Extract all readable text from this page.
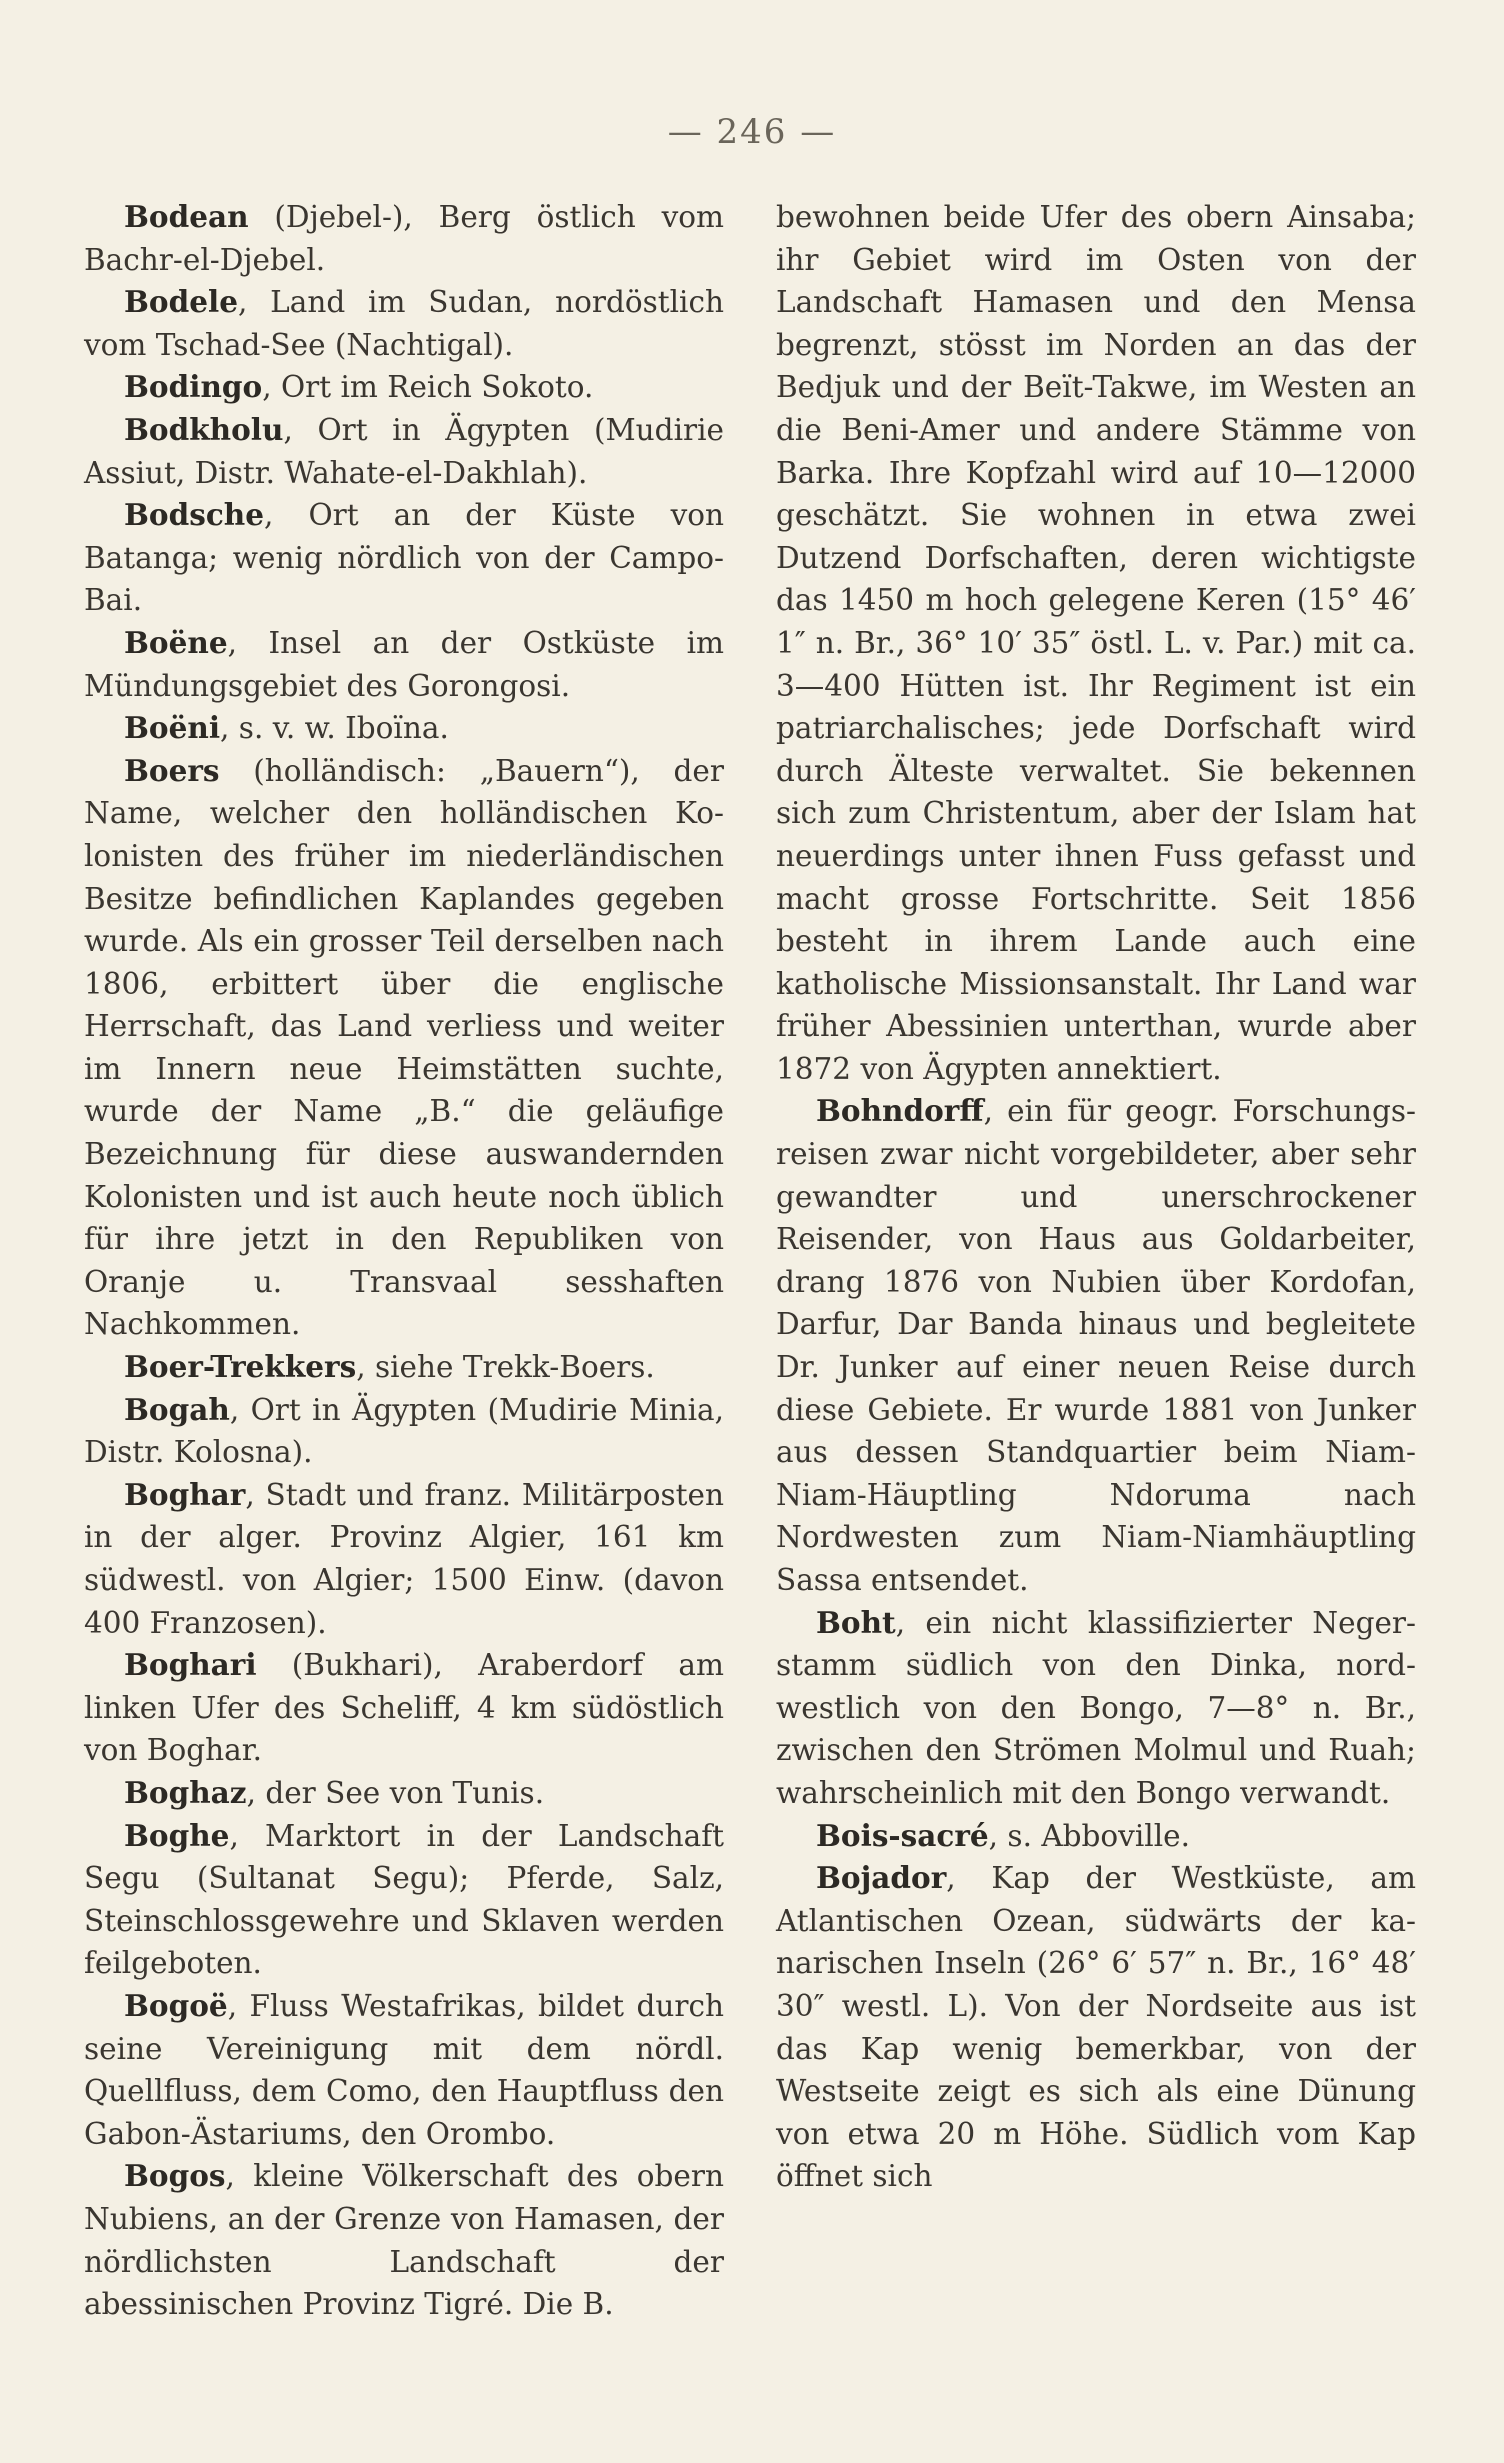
— 246 —

Bodean (Djebel-), Berg östlich vom Bachr-el-Djebel.

Bodele, Land im Sudan, nordöstlich vom Tschad-See (Nachtigal).

Bodingo, Ort im Reich Sokoto.

Bodkholu, Ort in Ägypten (Mudirie Assiut, Distr. Wahate-el-Dakhlah).

Bodsche, Ort an der Küste von Batanga; wenig nördlich von der Campo-Bai.

Boëne, Insel an der Ostküste im Mündungsgebiet des Gorongosi.

Boëni, s. v. w. Iboïna.

Boers (holländisch: „Bauern“), der Name, welcher den holländischen Kolonisten des früher im niederländischen Besitze befindlichen Kaplandes gegeben wurde. Als ein grosser Teil derselben nach 1806, erbittert über die englische Herrschaft, das Land verliess und weiter im Innern neue Heimstätten suchte, wurde der Name „B.“ die geläufige Bezeichnung für diese auswandernden Kolonisten und ist auch heute noch üblich für ihre jetzt in den Republiken von Oranje u. Transvaal sesshaften Nachkommen.

Boer-Trekkers, siehe Trekk-Boers.

Bogah, Ort in Ägypten (Mudirie Minia, Distr. Kolosna).

Boghar, Stadt und franz. Militärposten in der alger. Provinz Algier, 161 km südwestl. von Algier; 1500 Einw. (davon 400 Franzosen).

Boghari (Bukhari), Araberdorf am linken Ufer des Scheliff, 4 km südöstlich von Boghar.

Boghaz, der See von Tunis.

Boghe, Marktort in der Landschaft Segu (Sultanat Segu); Pferde, Salz, Steinschlossgewehre und Sklaven werden feilgeboten.

Bogoë, Fluss Westafrikas, bildet durch seine Vereinigung mit dem nördl. Quellfluss, dem Como, den Hauptfluss den Gabon-Ästariums, den Orombo.

Bogos, kleine Völkerschaft des obern Nubiens, an der Grenze von Hamasen, der nördlichsten Landschaft der abessinischen Provinz Tigré. Die B.

bewohnen beide Ufer des obern Ainsaba; ihr Gebiet wird im Osten von der Landschaft Hamasen und den Mensa begrenzt, stösst im Norden an das der Bedjuk und der Beït-Takwe, im Westen an die Beni-Amer und andere Stämme von Barka. Ihre Kopfzahl wird auf 10—12000 geschätzt. Sie wohnen in etwa zwei Dutzend Dorfschaften, deren wichtigste das 1450 m hoch gelegene Keren (15° 46′ 1″ n. Br., 36° 10′ 35″ östl. L. v. Par.) mit ca. 3—400 Hütten ist. Ihr Regiment ist ein patriarchalisches; jede Dorfschaft wird durch Älteste verwaltet. Sie bekennen sich zum Christentum, aber der Islam hat neuerdings unter ihnen Fuss gefasst und macht grosse Fortschritte. Seit 1856 besteht in ihrem Lande auch eine katholische Missionsanstalt. Ihr Land war früher Abessinien unterthan, wurde aber 1872 von Ägypten annektiert.

Bohndorff, ein für geogr. Forschungsreisen zwar nicht vorgebildeter, aber sehr gewandter und unerschrockener Reisender, von Haus aus Goldarbeiter, drang 1876 von Nubien über Kordofan, Darfur, Dar Banda hinaus und begleitete Dr. Junker auf einer neuen Reise durch diese Gebiete. Er wurde 1881 von Junker aus dessen Standquartier beim Niam-Niam-Häuptling Ndoruma nach Nordwesten zum Niam-Niamhäuptling Sassa entsendet.

Boht, ein nicht klassifizierter Negerstamm südlich von den Dinka, nordwestlich von den Bongo, 7—8° n. Br., zwischen den Strömen Molmul und Ruah; wahrscheinlich mit den Bongo verwandt.

Bois-sacré, s. Abboville.

Bojador, Kap der Westküste, am Atlantischen Ozean, südwärts der kanarischen Inseln (26° 6′ 57″ n. Br., 16° 48′ 30″ westl. L). Von der Nordseite aus ist das Kap wenig bemerkbar, von der Westseite zeigt es sich als eine Dünung von etwa 20 m Höhe. Südlich vom Kap öffnet sich
